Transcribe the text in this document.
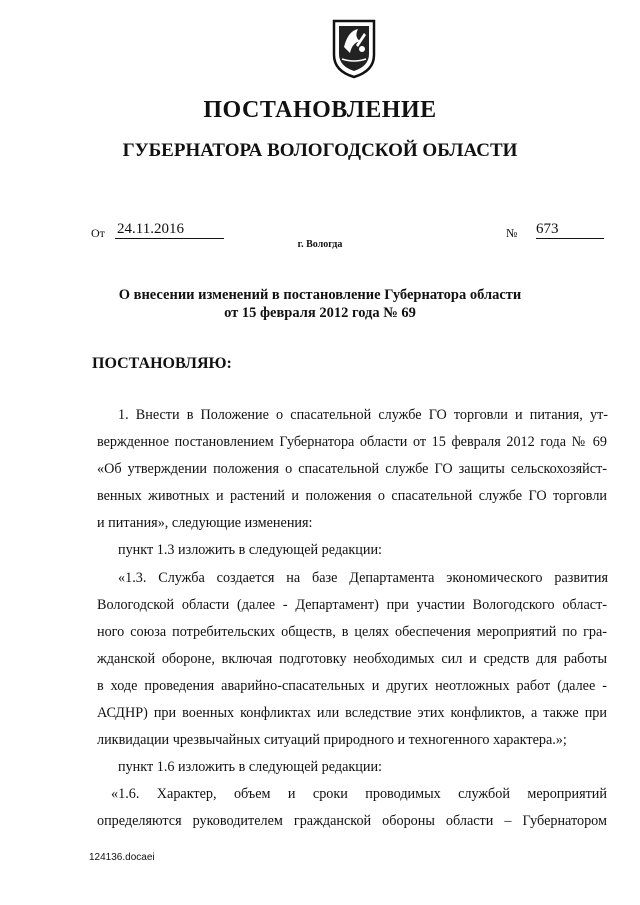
ПОСТАНОВЛЕНИЕ
ГУБЕРНАТОРА ВОЛОГОДСКОЙ ОБЛАСТИ
От 24.11.2016	№ 673
г. Вологда
О внесении изменений в постановление Губернатора области
от 15 февраля 2012 года № 69
ПОСТАНОВЛЯЮ:
1. Внести в Положение о спасательной службе ГО торговли и питания, ут-
вержденное постановлением Губернатора области от 15 февраля 2012 года № 69
«Об утверждении положения о спасательной службе ГО защиты сельскохозяйст-
венных животных и растений и положения о спасательной службе ГО торговли
и питания», следующие изменения:
пункт 1.3 изложить в следующей редакции:
«1.3. Служба создается на базе Департамента экономического развития
Вологодской области (далее - Департамент) при участии Вологодского област-
ного союза потребительских обществ, в целях обеспечения мероприятий по гра-
жданской обороне, включая подготовку необходимых сил и средств для работы
в ходе проведения аварийно-спасательных и других неотложных работ (далее -
АСДНР) при военных конфликтах или вследствие этих конфликтов, а также при
ликвидации чрезвычайных ситуаций природного и техногенного характера.»;
пункт 1.6 изложить в следующей редакции:
«1.6. Характер, объем и сроки проводимых службой мероприятий
определяются руководителем гражданской обороны области – Губернатором
124136.docaei
